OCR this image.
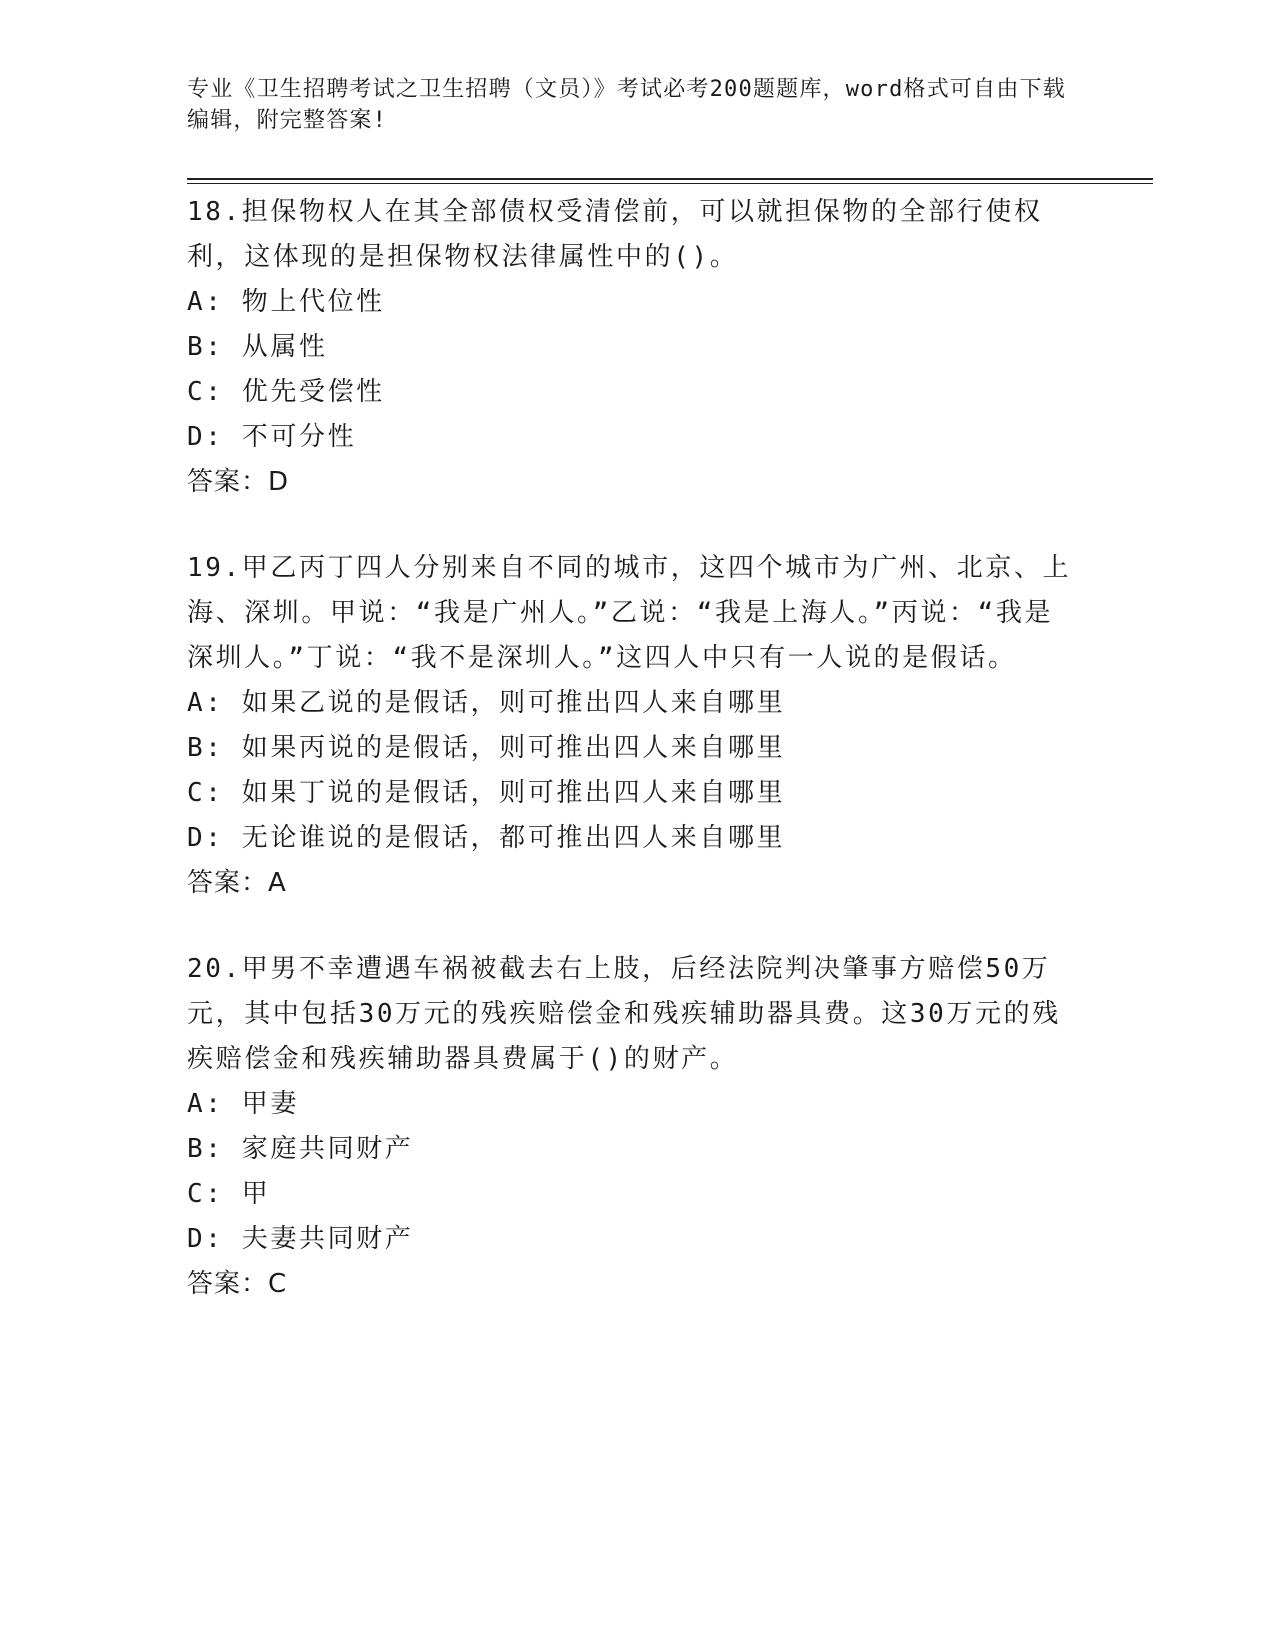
专业《卫生招聘考试之卫生招聘（文员）》考试必考200题题库，word格式可自由下载编辑，附完整答案!
18.担保物权人在其全部债权受清偿前，可以就担保物的全部行使权利，这体现的是担保物权法律属性中的()。
A: 物上代位性
B: 从属性
C: 优先受偿性
D: 不可分性
答案：D
19.甲乙丙丁四人分别来自不同的城市，这四个城市为广州、北京、上海、深圳。甲说：“我是广州人。”乙说：“我是上海人。”丙说：“我是深圳人。”丁说：“我不是深圳人。”这四人中只有一人说的是假话。
A: 如果乙说的是假话，则可推出四人来自哪里
B: 如果丙说的是假话，则可推出四人来自哪里
C: 如果丁说的是假话，则可推出四人来自哪里
D: 无论谁说的是假话，都可推出四人来自哪里
答案：A
20.甲男不幸遭遇车祸被截去右上肢，后经法院判决肇事方赔偿50万元，其中包括30万元的残疾赔偿金和残疾辅助器具费。这30万元的残疾赔偿金和残疾辅助器具费属于()的财产。
A: 甲妻
B: 家庭共同财产
C: 甲
D: 夫妻共同财产
答案：C
